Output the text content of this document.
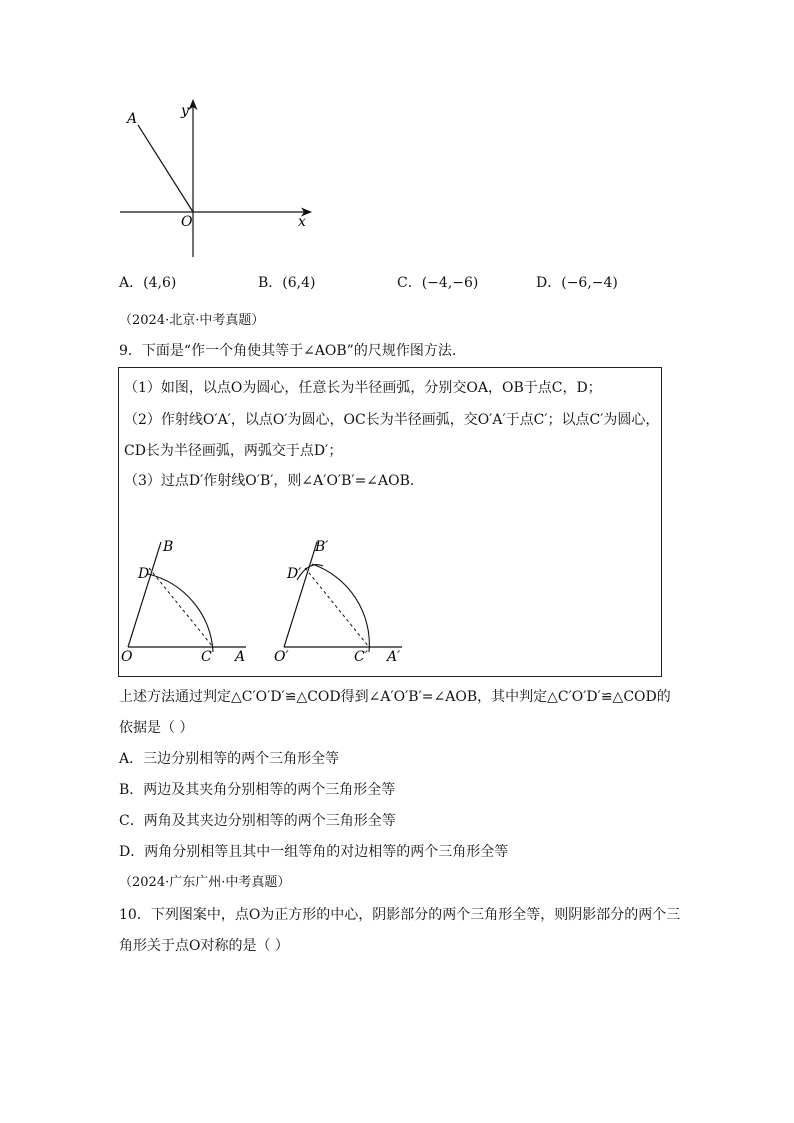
A	y
O	x
A．(4,6)	B．(6,4)	C．(−4,−6)	D．(−6,−4)
（2024·北京·中考真题）
9．下面是“作一个角使其等于∠AOB”的尺规作图方法.
（1）如图，以点O为圆心，任意长为半径画弧，分别交OA，OB于点C，D；
（2）作射线O′A′，以点O′为圆心，OC长为半径画弧，交O′A′于点C′；以点C′为圆心，
CD长为半径画弧，两弧交于点D′；
（3）过点D′作射线O′B′，则∠A′O′B′=∠AOB.
B
D
O	C A
B′
D′
O′	C′ A′
上述方法通过判定△C′O′D′≌△COD得到∠A′O′B′=∠AOB，其中判定△C′O′D′≌△COD的
依据是（ ）
A．三边分别相等的两个三角形全等
B．两边及其夹角分别相等的两个三角形全等
C．两角及其夹边分别相等的两个三角形全等
D．两角分别相等且其中一组等角的对边相等的两个三角形全等
（2024·广东广州·中考真题）
10．下列图案中，点O为正方形的中心，阴影部分的两个三角形全等，则阴影部分的两个三
角形关于点O对称的是（ ）
